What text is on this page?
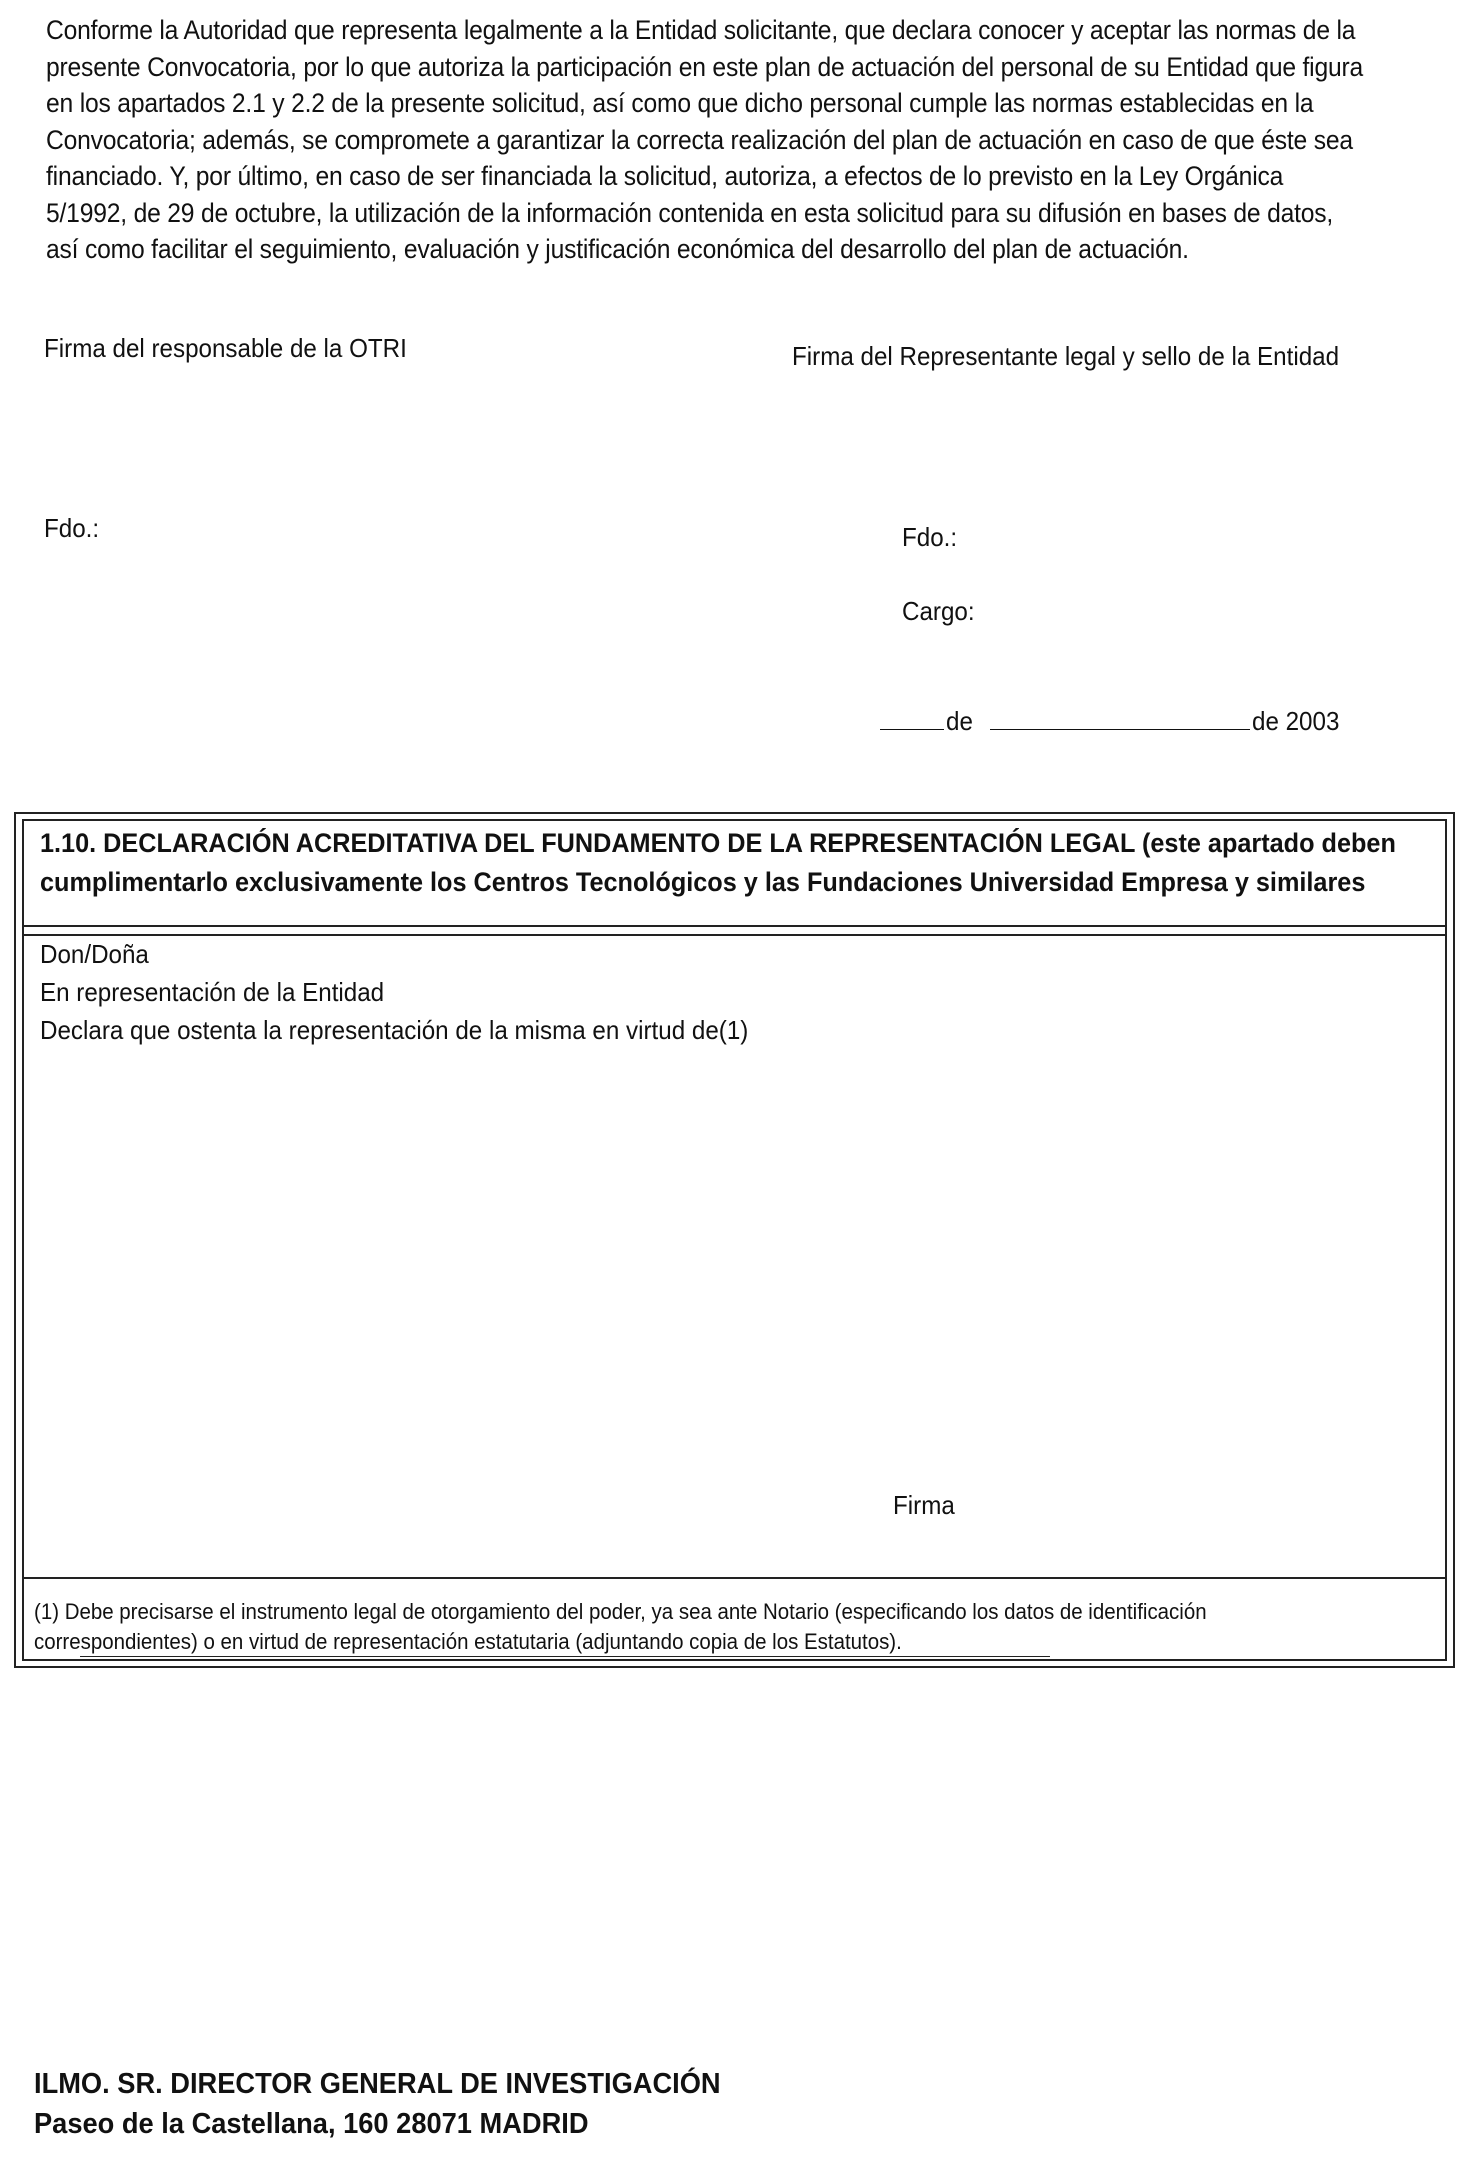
Conforme la Autoridad que representa legalmente a la Entidad solicitante, que declara conocer y aceptar las normas de la
presente Convocatoria, por lo que autoriza la participación en este plan de actuación del personal de su Entidad que figura
en los apartados 2.1 y 2.2 de la presente solicitud, así como que dicho personal cumple las normas establecidas en la
Convocatoria; además, se compromete a garantizar la correcta realización del plan de actuación en caso de que éste sea
financiado. Y, por último, en caso de ser financiada la solicitud, autoriza, a efectos de lo previsto en la Ley Orgánica
5/1992, de 29 de octubre, la utilización de la información contenida en esta solicitud para su difusión en bases de datos,
así como facilitar el seguimiento, evaluación y justificación económica del desarrollo del plan de actuación.
Firma del responsable de la OTRI	Firma del Representante legal y sello de la Entidad
Fdo.:	Fdo.:
Cargo:
de	de 2003
1.10. DECLARACIÓN ACREDITATIVA DEL FUNDAMENTO DE LA REPRESENTACIÓN LEGAL (este apartado deben
cumplimentarlo exclusivamente los Centros Tecnológicos y las Fundaciones Universidad Empresa y similares
Don/Doña
En representación de la Entidad
Declara que ostenta la representación de la misma en virtud de(1)
Firma
(1) Debe precisarse el instrumento legal de otorgamiento del poder, ya sea ante Notario (especificando los datos de identificación
correspondientes) o en virtud de representación estatutaria (adjuntando copia de los Estatutos).
ILMO. SR. DIRECTOR GENERAL DE INVESTIGACIÓN
Paseo de la Castellana, 160 28071 MADRID
